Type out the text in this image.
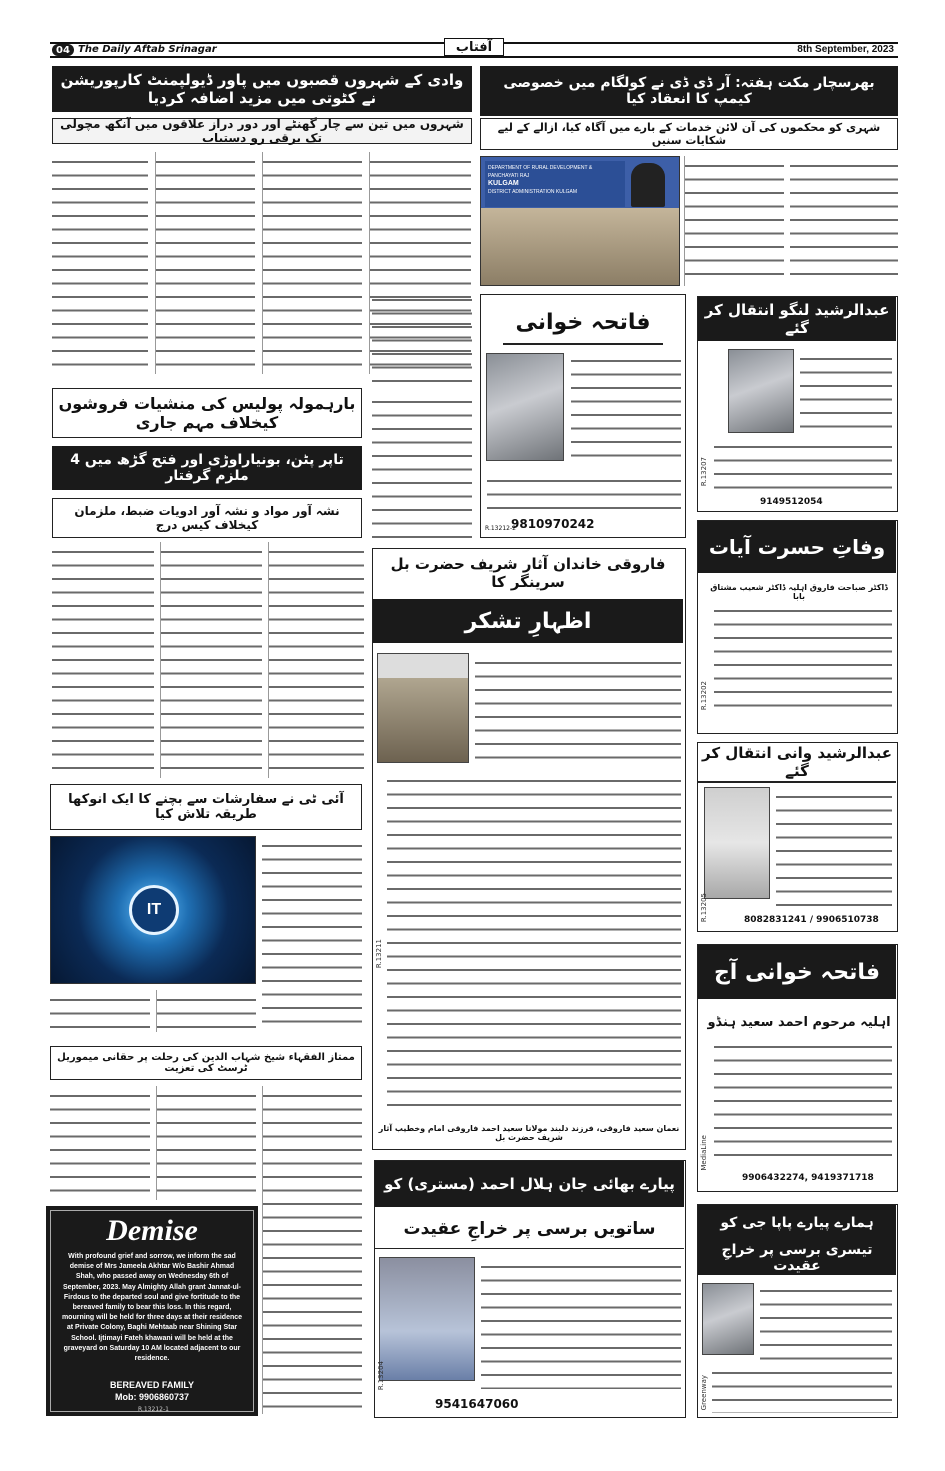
04 The Daily Aftab Srinagar	آفتاب	8th September, 2023
وادی کے شہروں قصبوں میں پاور ڈیولپمنٹ کارپوریشن نے کٹوتی میں مزید اضافہ کردیا
شہروں میں تین سے چار گھنٹے اور دور دراز علاقوں میں آنکھ مچولی تک برقی رو دستیاب
بھرسچار مکت ہفتہ: آر ڈی ڈی نے کولگام میں خصوصی کیمپ کا انعقاد کیا
شہری کو محکموں کی آن لائن خدمات کے بارے میں آگاہ کیا، ازالے کے لیے شکایات سنیں
DEPARTMENT OF RURAL DEVELOPMENT & PANCHAYATI RAJ
KULGAM
DISTRICT ADMINISTRATION KULGAM
فاتحہ خوانی
9810970242
R.13212-2
عبدالرشید لنگو انتقال کر گئے
9149512054
R.13207
بارہمولہ پولیس کی منشیات فروشوں کیخلاف مہم جاری
تاپر پٹن، بونیاراوڑی اور فتح گڑھ میں 4 ملزم گرفتار
نشہ آور مواد و نشہ آور ادویات ضبط، ملزمان کیخلاف کیس درج
فاروقی خاندان آثار شریف حضرت بل سرینگر کا
اظہارِ تشکر
R.13211
نعمان سعید فاروقی، فرزند دلبند مولانا سعید احمد فاروقی امام وخطیب آثار شریف حضرت بل
وفاتِ حسرت آیات
ڈاکٹر صباحت فاروق اہلیہ ڈاکٹر شعیب مشتاق بابا
R.13202
عبدالرشید وانی انتقال کر گئے
8082831241 / 9906510738
R.13205
آئی ٹی نے سفارشات سے بچنے کا ایک انوکھا طریقہ تلاش کیا
IT
ممتاز الفقہاء شیخ شہاب الدین کی رحلت پر حقانی میموریل ٹرسٹ کی تعزیت
Demise
With profound grief and sorrow, we inform the sad demise of Mrs Jameela Akhtar W/o Bashir Ahmad Shah, who passed away on Wednesday 6th of September, 2023. May Almighty Allah grant Jannat-ul-Firdous to the departed soul and give fortitude to the bereaved family to bear this loss. In this regard, mourning will be held for three days at their residence at Private Colony, Baghi Mehtaab near Shining Star School. Ijtimayi Fateh khawani will be held at the graveyard on Saturday 10 AM located adjacent to our residence.
BEREAVED FAMILY
Mob: 9906860737
R.13212-1
پیارے بھائی جان ہلال احمد (مستری) کو
ساتویں برسی پر خراجِ عقیدت
9541647060
R.13204
فاتحہ خوانی آج
اہلیہ مرحوم احمد سعید ہنڈو
9906432274, 9419371718
MediaLine
ہمارے پیارے پاپا جی کو
تیسری برسی پر خراجِ عقیدت
Greenway
